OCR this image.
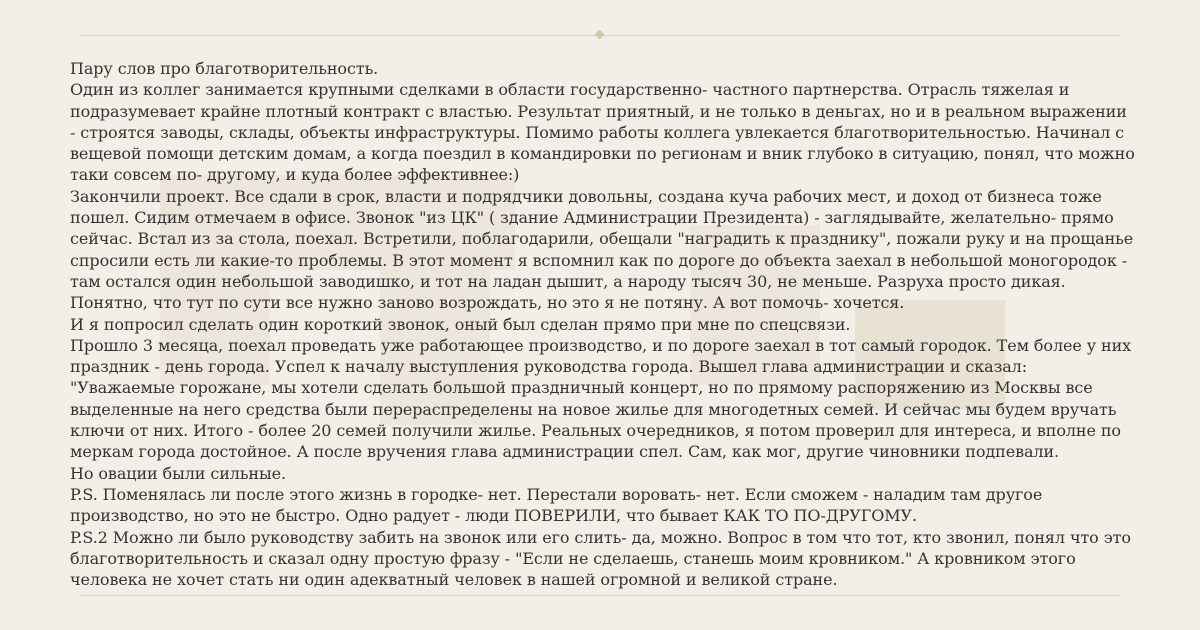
Пару слов про благотворительность.

Один из коллег занимается крупными сделками в области государственно- частного партнерства. Отрасль тяжелая и подразумевает крайне плотный контракт с властью. Результат приятный, и не только в деньгах, но и в реальном выражении - строятся заводы, склады, объекты инфраструктуры. Помимо работы коллега увлекается благотворительностью. Начинал с вещевой помощи детским домам, а когда поездил в командировки по регионам и вник глубоко в ситуацию, понял, что можно таки совсем по- другому, и куда более эффективнее:)

Закончили проект. Все сдали в срок, власти и подрядчики довольны, создана куча рабочих мест, и доход от бизнеса тоже пошел. Сидим отмечаем в офисе. Звонок "из ЦК" ( здание Администрации Президента) - заглядывайте, желательно- прямо сейчас. Встал из за стола, поехал. Встретили, поблагодарили, обещали "наградить к празднику", пожали руку и на прощанье спросили есть ли какие-то проблемы. В этот момент я вспомнил как по дороге до объекта заехал в небольшой моногородок - там остался один небольшой заводишко, и тот на ладан дышит, а народу тысяч 30, не меньше. Разруха просто дикая. Понятно, что тут по сути все нужно заново возрождать, но это я не потяну. А вот помочь- хочется.

И я попросил сделать один короткий звонок, оный был сделан прямо при мне по спецсвязи.

Прошло 3 месяца, поехал проведать уже работающее производство, и по дороге заехал в тот самый городок. Тем более у них праздник - день города. Успел к началу выступления руководства города. Вышел глава администрации и сказал:

"Уважаемые горожане, мы хотели сделать большой праздничный концерт, но по прямому распоряжению из Москвы все выделенные на него средства были перераспределены на новое жилье для многодетных семей. И сейчас мы будем вручать ключи от них. Итого - более 20 семей получили жилье. Реальных очередников, я потом проверил для интереса, и вполне по меркам города достойное. А после вручения глава администрации спел. Сам, как мог, другие чиновники подпевали.

Но овации были сильные.

P.S. Поменялась ли после этого жизнь в городке- нет. Перестали воровать- нет. Если сможем - наладим там другое производство, но это не быстро. Одно радует - люди ПОВЕРИЛИ, что бывает КАК ТО ПО-ДРУГОМУ.

P.S.2 Можно ли было руководству забить на звонок или его слить- да, можно. Вопрос в том что тот, кто звонил, понял что это благотворительность и сказал одну простую фразу - "Если не сделаешь, станешь моим кровником." А кровником этого человека не хочет стать ни один адекватный человек в нашей огромной и великой стране.
